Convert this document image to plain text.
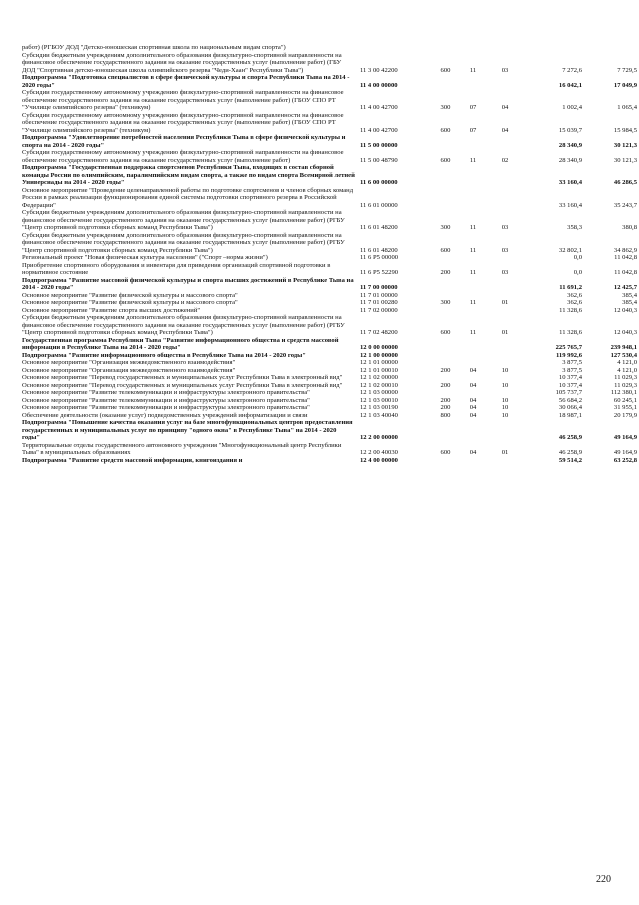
работ) (РГБОУ ДОД "Детско-юношеская спортивная школа по национальным видам спорта")
Субсидии бюджетным учреждениям дополнительного образования физкультурно-спортивной направленности на финансовое обеспечение государственного задания на оказание государственных услуг (выполнение работ) (ГБУ ДОД "Спортивная детско-юношеская школа олимпийского резерва "Чеди-Хаан" Республики Тыва")	11 3 00 42200	600	11	03	7 272,6	7 729,5
Подпрограмма "Подготовка специалистов в сфере физической культуры и спорта Республики Тыва на 2014 - 2020 годы"	11 4 00 00000	16 042,1	17 049,9
Субсидии государственному автономному учреждению физкультурно-спортивной направленности на финансовое обеспечение государственного задания на оказание государственных услуг (выполнение работ) (ГБОУ СПО РТ "Училище олимпийского резерва" (техникум)	11 4 00 42700	300	07	04	1 002,4	1 065,4
Субсидии государственному автономному учреждению физкультурно-спортивной направленности на финансовое обеспечение государственного задания на оказание государственных услуг (выполнение работ) (ГБОУ СПО РТ "Училище олимпийского резерва" (техникум)	11 4 00 42700	600	07	04	15 039,7	15 984,5
Подпрограмма "Удовлетворение потребностей населения Республики Тыва в сфере физической культуры и спорта на 2014 - 2020 годы"	11 5 00 00000	28 340,9	30 121,3
Субсидии государственному автономному учреждению физкультурно-спортивной направленности на финансовое обеспечение государственного задания на оказание государственных услуг (выполнение работ)	11 5 00 48790	600	11	02	28 340,9	30 121,3
Подпрограмма "Государственная поддержка спортсменов Республики Тыва, входящих в состав сборной команды России по олимпийским, паралимпийским видам спорта, а также по видам спорта Всемирной летней Универсиады на 2014 - 2020 годы"	11 6 00 00000	33 160,4	46 286,5
Основное мероприятие "Проведение целенаправленной работы по подготовке спортсменов и членов сборных команд России в рамках реализации функционирования единой системы подготовки спортивного резерва в Российской Федерации"	11 6 01 00000	33 160,4	35 243,7
Субсидии бюджетным учреждениям дополнительного образования физкультурно-спортивной направленности на финансовое обеспечение государственного задания на оказание государственных услуг (выполнение работ) (РГБУ "Центр спортивной подготовки сборных команд Республики Тыва")	11 6 01 48200	300	11	03	358,3	380,8
Субсидии бюджетным учреждениям дополнительного образования физкультурно-спортивной направленности на финансовое обеспечение государственного задания на оказание государственных услуг (выполнение работ) (РГБУ "Центр спортивной подготовки сборных команд Республики Тыва")	11 6 01 48200	600	11	03	32 802,1	34 862,9
Региональный проект "Новая физическая культура населения" ("Спорт –норма жизни")	11 6 P5 00000	0,0	11 042,8
Приобретение спортивного оборудования и инвентаря для приведения организаций спортивной подготовки в нормативное состояние	11 6 P5 52290	200	11	03	0,0	11 042,8
Подпрограмма "Развитие массовой физической культуры и спорта высших достижений в Республике Тыва на 2014 - 2020 годы"	11 7 00 00000	11 691,2	12 425,7
Основное мероприятие "Развитие физической культуры и массового спорта"	11 7 01 00000	362,6	385,4
Основное мероприятие "Развитие физической культуры и массового спорта"	11 7 01 00280	300	11	01	362,6	385,4
Основное мероприятие "Развитие спорта высших достижений"	11 7 02 00000	11 328,6	12 040,3
Субсидии бюджетным учреждениям дополнительного образования физкультурно-спортивной направленности на финансовое обеспечение государственного задания на оказание государственных услуг (выполнение работ) (РГБУ "Центр спортивной подготовки сборных команд Республики Тыва")	11 7 02 48200	600	11	01	11 328,6	12 040,3
Государственная программа Республики Тыва "Развитие информационного общества и средств массовой информации в Республике Тыва на 2014 - 2020 годы"	12 0 00 00000	225 765,7	239 948,1
Подпрограмма "Развитие информационного общества в Республике Тыва на 2014 - 2020 годы"	12 1 00 00000	119 992,6	127 530,4
Основное мероприятие "Организация межведомственного взаимодействия"	12 1 01 00000	3 877,5	4 121,0
Основное мероприятие "Организация межведомственного взаимодействия"	12 1 01 00010	200	04	10	3 877,5	4 121,0
Основное мероприятие "Перевод государственных и муниципальных услуг Республики Тыва в электронный вид"	12 1 02 00000	10 377,4	11 029,3
Основное мероприятие "Перевод государственных и муниципальных услуг Республики Тыва в электронный вид"	12 1 02 00010	200	04	10	10 377,4	11 029,3
Основное мероприятие "Развитие телекоммуникации и инфраструктуры электронного правительства"	12 1 03 00000	105 737,7	112 380,1
Основное мероприятие "Развитие телекоммуникации и инфраструктуры электронного правительства"	12 1 03 00010	200	04	10	56 684,2	60 245,1
Основное мероприятие "Развитие телекоммуникации и инфраструктуры электронного правительства"	12 1 03 00190	200	04	10	30 066,4	31 955,1
Обеспечение деятельности (оказание услуг) подведомственных учреждений информатизации и связи	12 1 03 40040	800	04	10	18 987,1	20 179,9
Подпрограмма "Повышение качества оказания услуг на базе многофункциональных центров предоставления государственных и муниципальных услуг по принципу "одного окна" в Республике Тыва" на 2014 - 2020 годы"	12 2 00 00000	46 258,9	49 164,9
Территориальные отделы государственного автономного учреждения "Многофункциональный центр Республики Тыва" в муниципальных образованиях	12 2 00 40030	600	04	01	46 258,9	49 164,9
Подпрограмма "Развитие средств массовой информации, книгоиздания и	12 4 00 00000	59 514,2	63 252,8
220
